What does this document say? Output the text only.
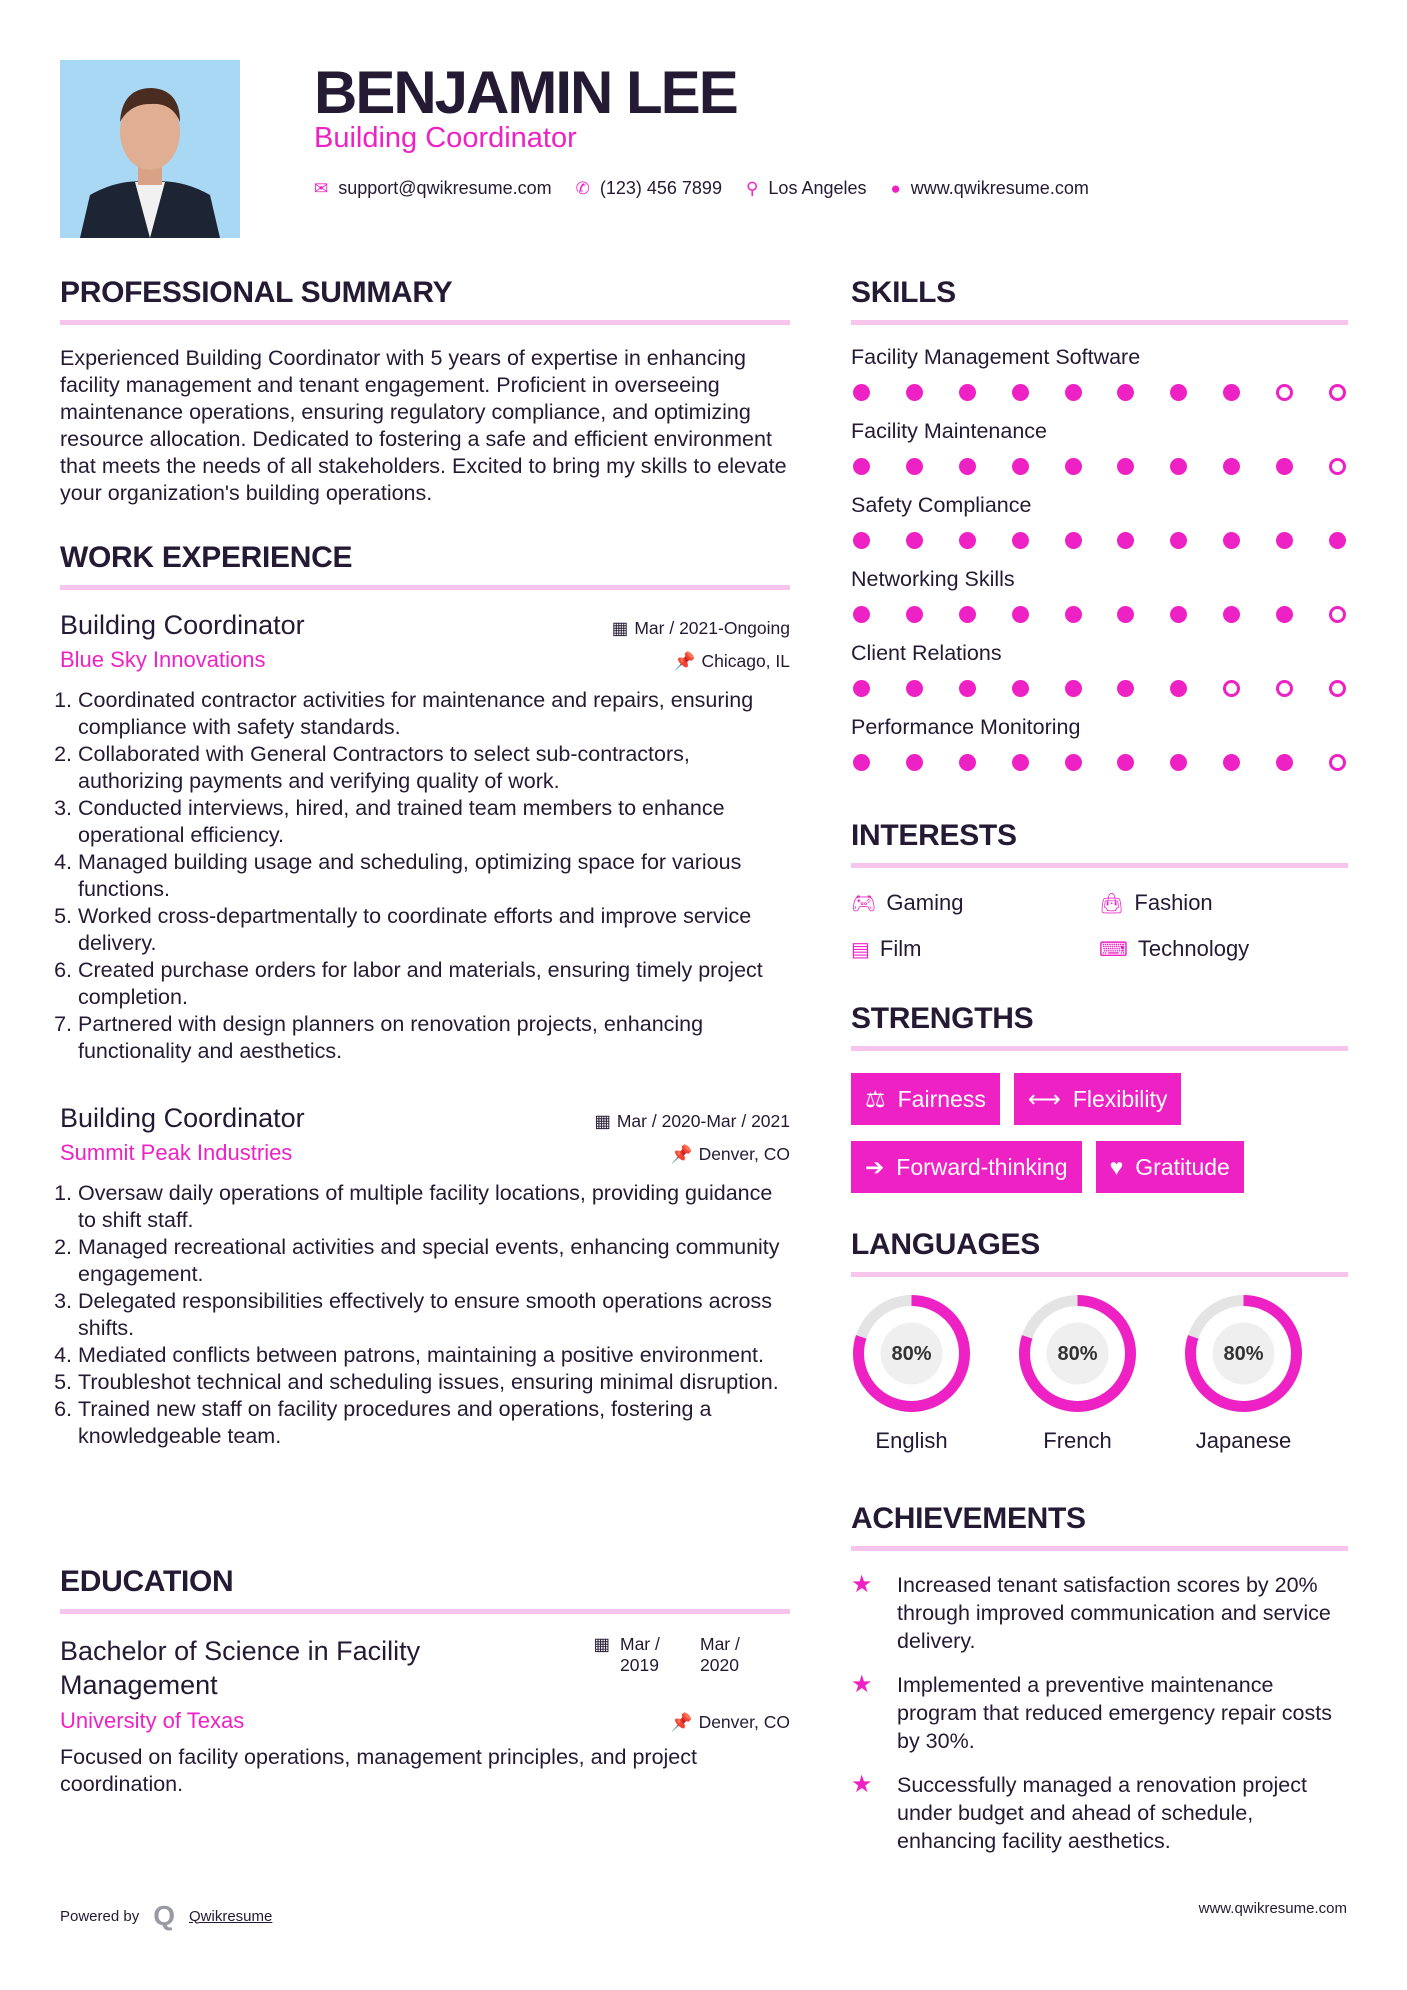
BENJAMIN LEE
Building Coordinator
✉ support@qwikresume.com ✆ (123) 456 7899 ⚲ Los Angeles ● www.qwikresume.com
PROFESSIONAL SUMMARY

Experienced Building Coordinator with 5 years of expertise in enhancing facility management and tenant engagement. Proficient in overseeing maintenance operations, ensuring regulatory compliance, and optimizing resource allocation. Dedicated to fostering a safe and efficient environment that meets the needs of all stakeholders. Excited to bring my skills to elevate your organization's building operations.

WORK EXPERIENCE
Building Coordinator	▦ Mar / 2021-Ongoing
Blue Sky Innovations	📌 Chicago, IL
1. Coordinated contractor activities for maintenance and repairs, ensuring compliance with safety standards.
2. Collaborated with General Contractors to select sub-contractors, authorizing payments and verifying quality of work.
3. Conducted interviews, hired, and trained team members to enhance operational efficiency.
4. Managed building usage and scheduling, optimizing space for various functions.
5. Worked cross-departmentally to coordinate efforts and improve service delivery.
6. Created purchase orders for labor and materials, ensuring timely project completion.
7. Partnered with design planners on renovation projects, enhancing functionality and aesthetics.
Building Coordinator	▦ Mar / 2020-Mar / 2021
Summit Peak Industries	📌 Denver, CO
1. Oversaw daily operations of multiple facility locations, providing guidance to shift staff.
2. Managed recreational activities and special events, enhancing community engagement.
3. Delegated responsibilities effectively to ensure smooth operations across shifts.
4. Mediated conflicts between patrons, maintaining a positive environment.
5. Troubleshot technical and scheduling issues, ensuring minimal disruption.
6. Trained new staff on facility procedures and operations, fostering a knowledgeable team.
EDUCATION
Bachelor of Science in Facility Management
▦ Mar / 2019
Mar / 2020
University of Texas	📌 Denver, CO

Focused on facility operations, management principles, and project coordination.

SKILLS
Facility Management Software
Facility Maintenance
Safety Compliance
Networking Skills
Client Relations
Performance Monitoring
INTERESTS
🎮︎ Gaming	👜︎ Fashion
▤ Film	⌨ Technology
STRENGTHS
⚖ Fairness ⟷ Flexibility
➔ Forward-thinking ♥ Gratitude
LANGUAGES
80%
English
80%
French
80%
Japanese
ACHIEVEMENTS
★	Increased tenant satisfaction scores by 20% through improved communication and service delivery.
★	Implemented a preventive maintenance program that reduced emergency repair costs by 30%.
★	Successfully managed a renovation project under budget and ahead of schedule, enhancing facility aesthetics.
Powered by Q Qwikresume	www.qwikresume.com
